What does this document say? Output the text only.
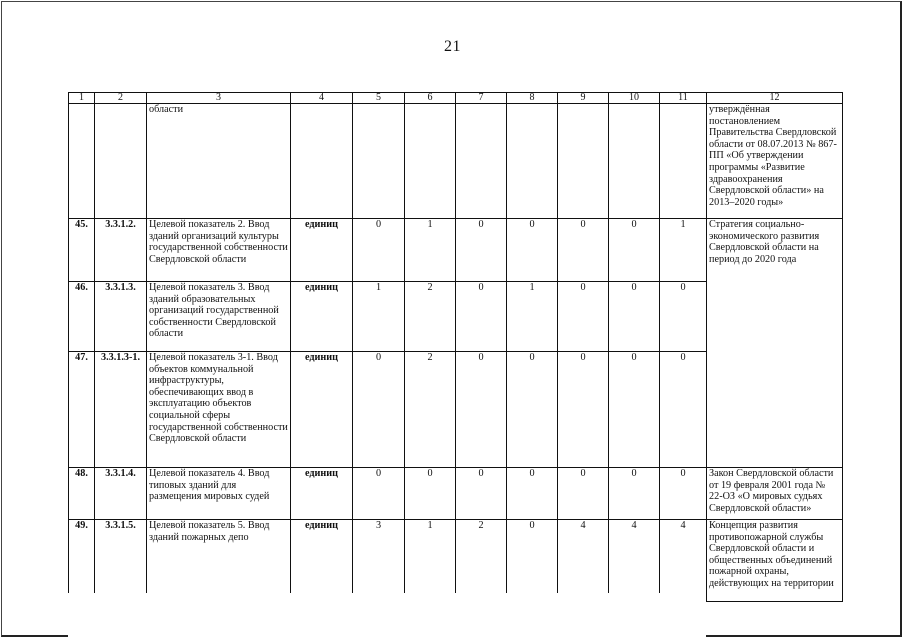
21
1	2	3	4	5	6	7	8	9	10	11	12
		области									утверждённая постановлением Правительства Свердловской области от 08.07.2013 № 867-ПП «Об утверждении программы «Развитие здравоохранения Свердловской области» на 2013–2020 годы»
45.	3.3.1.2.	Целевой показатель 2. Ввод зданий организаций культуры государственной собственности Свердловской области	единиц	0	1	0	0	0	0	1	Стратегия социально-экономического развития Свердловской области на период до 2020 года
46.	3.3.1.3.	Целевой показатель 3. Ввод зданий образовательных организаций государственной собственности Свердловской области	единиц	1	2	0	1	0	0	0	
47.	3.3.1.3-1.	Целевой показатель 3-1. Ввод объектов коммунальной инфраструктуры, обеспечивающих ввод в эксплуатацию объектов социальной сферы государственной собственности Свердловской области	единиц	0	2	0	0	0	0	0	
48.	3.3.1.4.	Целевой показатель 4. Ввод типовых зданий для размещения мировых судей	единиц	0	0	0	0	0	0	0	Закон Свердловской области от 19 февраля 2001 года № 22-ОЗ «О мировых судьях Свердловской области»
49.	3.3.1.5.	Целевой показатель 5. Ввод зданий пожарных депо	единиц	3	1	2	0	4	4	4	Концепция развития противопожарной службы Свердловской области и общественных объединений пожарной охраны, действующих на территории
